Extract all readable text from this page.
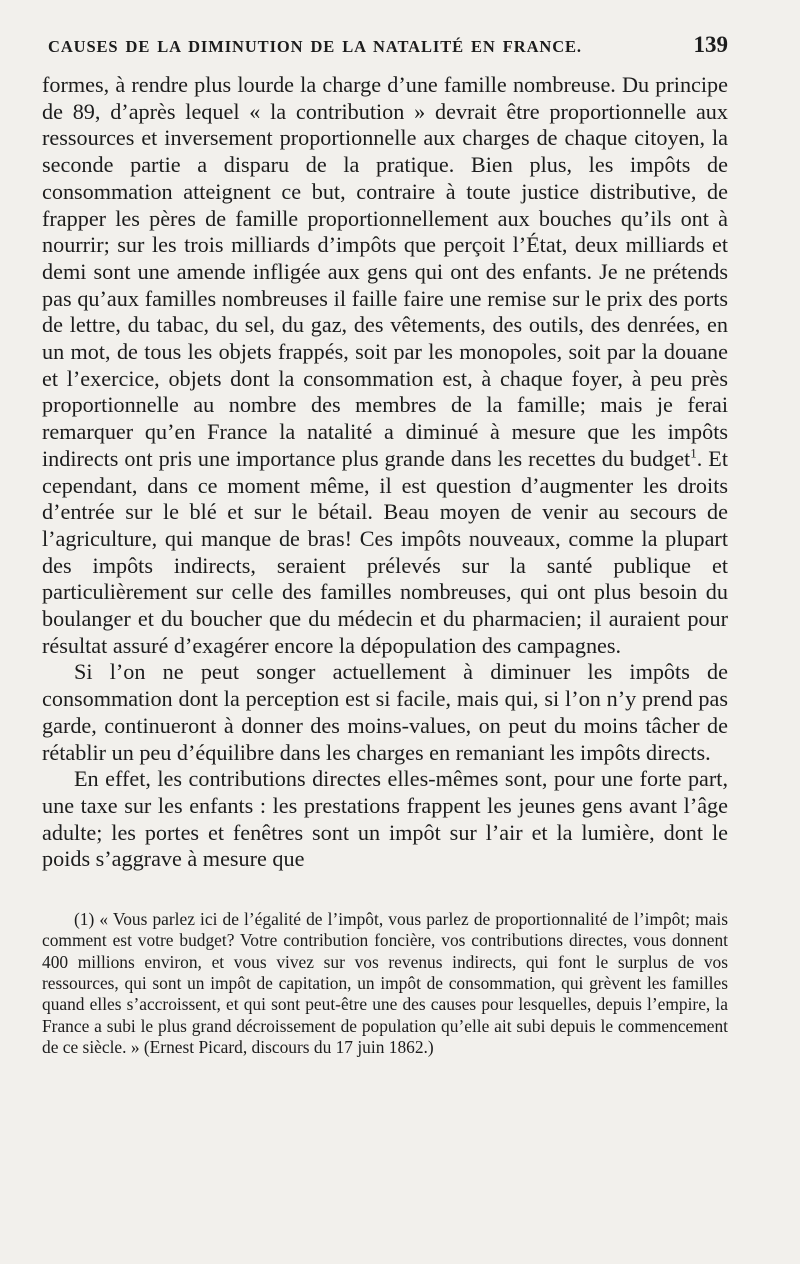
CAUSES DE LA DIMINUTION DE LA NATALITÉ EN FRANCE.	139

formes, à rendre plus lourde la charge d’une famille nombreuse. Du principe de 89, d’après lequel « la contribution » devrait être proportionnelle aux ressources et inversement proportionnelle aux charges de chaque citoyen, la seconde partie a disparu de la pratique. Bien plus, les impôts de consommation atteignent ce but, contraire à toute justice distributive, de frapper les pères de famille proportionnellement aux bouches qu’ils ont à nourrir; sur les trois milliards d’impôts que perçoit l’État, deux milliards et demi sont une amende infligée aux gens qui ont des enfants. Je ne prétends pas qu’aux familles nombreuses il faille faire une remise sur le prix des ports de lettre, du tabac, du sel, du gaz, des vêtements, des outils, des denrées, en un mot, de tous les objets frappés, soit par les monopoles, soit par la douane et l’exercice, objets dont la consommation est, à chaque foyer, à peu près proportionnelle au nombre des membres de la famille; mais je ferai remarquer qu’en France la natalité a diminué à mesure que les impôts indirects ont pris une importance plus grande dans les recettes du budget$^1$. Et cependant, dans ce moment même, il est question d’augmenter les droits d’entrée sur le blé et sur le bétail. Beau moyen de venir au secours de l’agriculture, qui manque de bras! Ces impôts nouveaux, comme la plupart des impôts indirects, seraient prélevés sur la santé publique et particulièrement sur celle des familles nombreuses, qui ont plus besoin du boulanger et du boucher que du médecin et du pharmacien; il auraient pour résultat assuré d’exagérer encore la dépopulation des campagnes.

Si l’on ne peut songer actuellement à diminuer les impôts de consommation dont la perception est si facile, mais qui, si l’on n’y prend pas garde, continueront à donner des moins-values, on peut du moins tâcher de rétablir un peu d’équilibre dans les charges en remaniant les impôts directs.

En effet, les contributions directes elles-mêmes sont, pour une forte part, une taxe sur les enfants : les prestations frappent les jeunes gens avant l’âge adulte; les portes et fenêtres sont un impôt sur l’air et la lumière, dont le poids s’aggrave à mesure que

(1) « Vous parlez ici de l’égalité de l’impôt, vous parlez de proportionnalité de l’impôt; mais comment est votre budget? Votre contribution foncière, vos contributions directes, vous donnent 400 millions environ, et vous vivez sur vos revenus indirects, qui font le surplus de vos ressources, qui sont un impôt de capitation, un impôt de consommation, qui grèvent les familles quand elles s’accroissent, et qui sont peut-être une des causes pour lesquelles, depuis l’empire, la France a subi le plus grand décroissement de population qu’elle ait subi depuis le commencement de ce siècle. » (Ernest Picard, discours du 17 juin 1862.)
